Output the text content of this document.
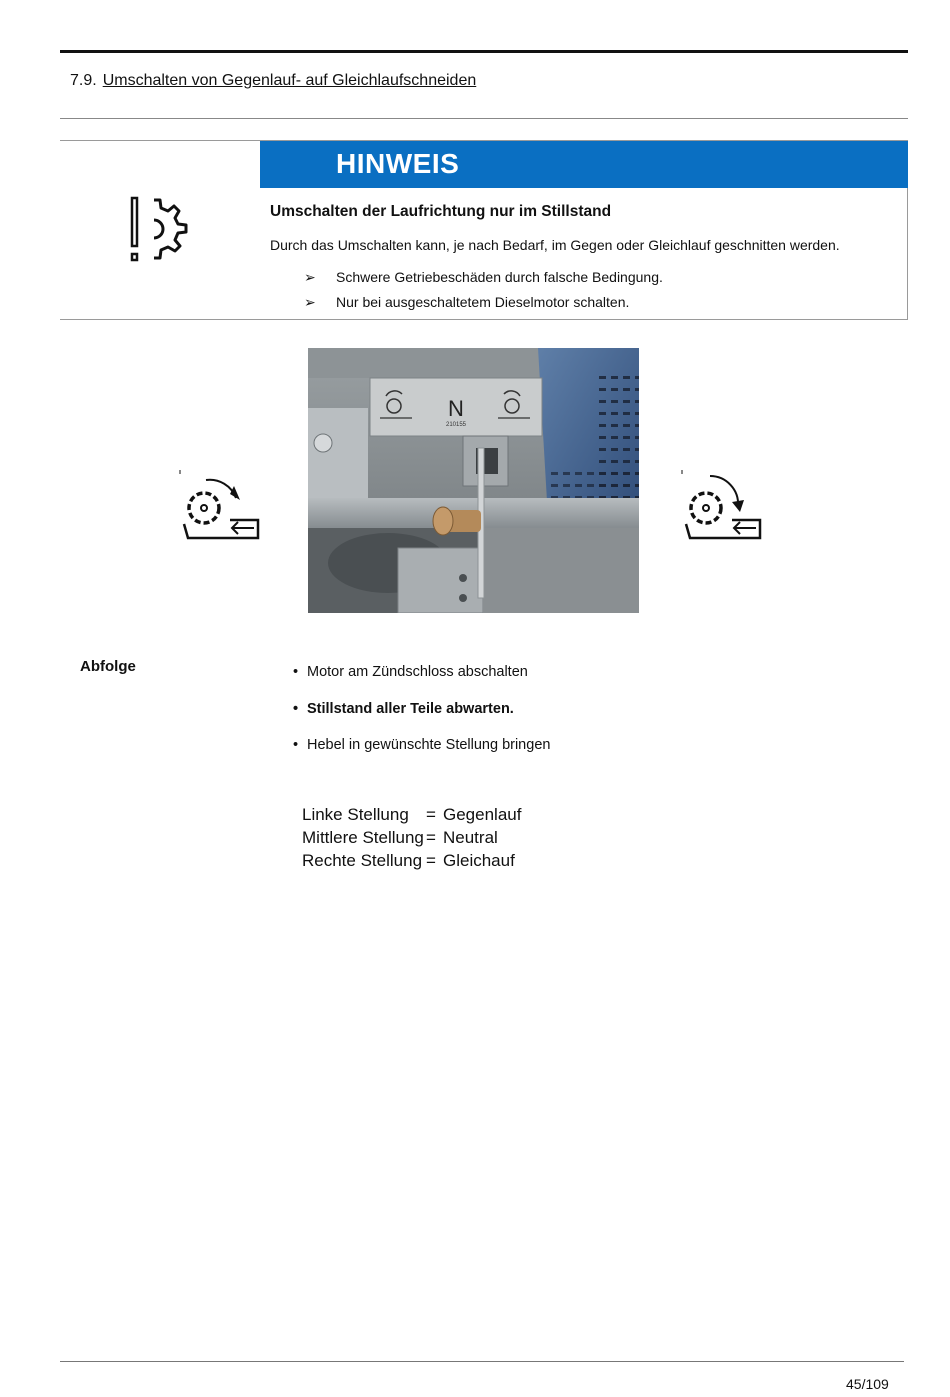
7.9. Umschalten von Gegenlauf- auf Gleichlaufschneiden
HINWEIS
Umschalten der Laufrichtung nur im Stillstand
Durch das Umschalten kann, je nach Bedarf, im Gegen oder Gleichlauf geschnitten werden.
➢ Schwere Getriebeschäden durch falsche Bedingung.
➢ Nur bei ausgeschaltetem Dieselmotor schalten.
N
210155
Abfolge	• Motor am Zündschloss abschalten
• Stillstand aller Teile abwarten.
• Hebel in gewünschte Stellung bringen
Linke Stellung = Gegenlauf
Mittlere Stellung = Neutral
Rechte Stellung = Gleichauf
45/109
